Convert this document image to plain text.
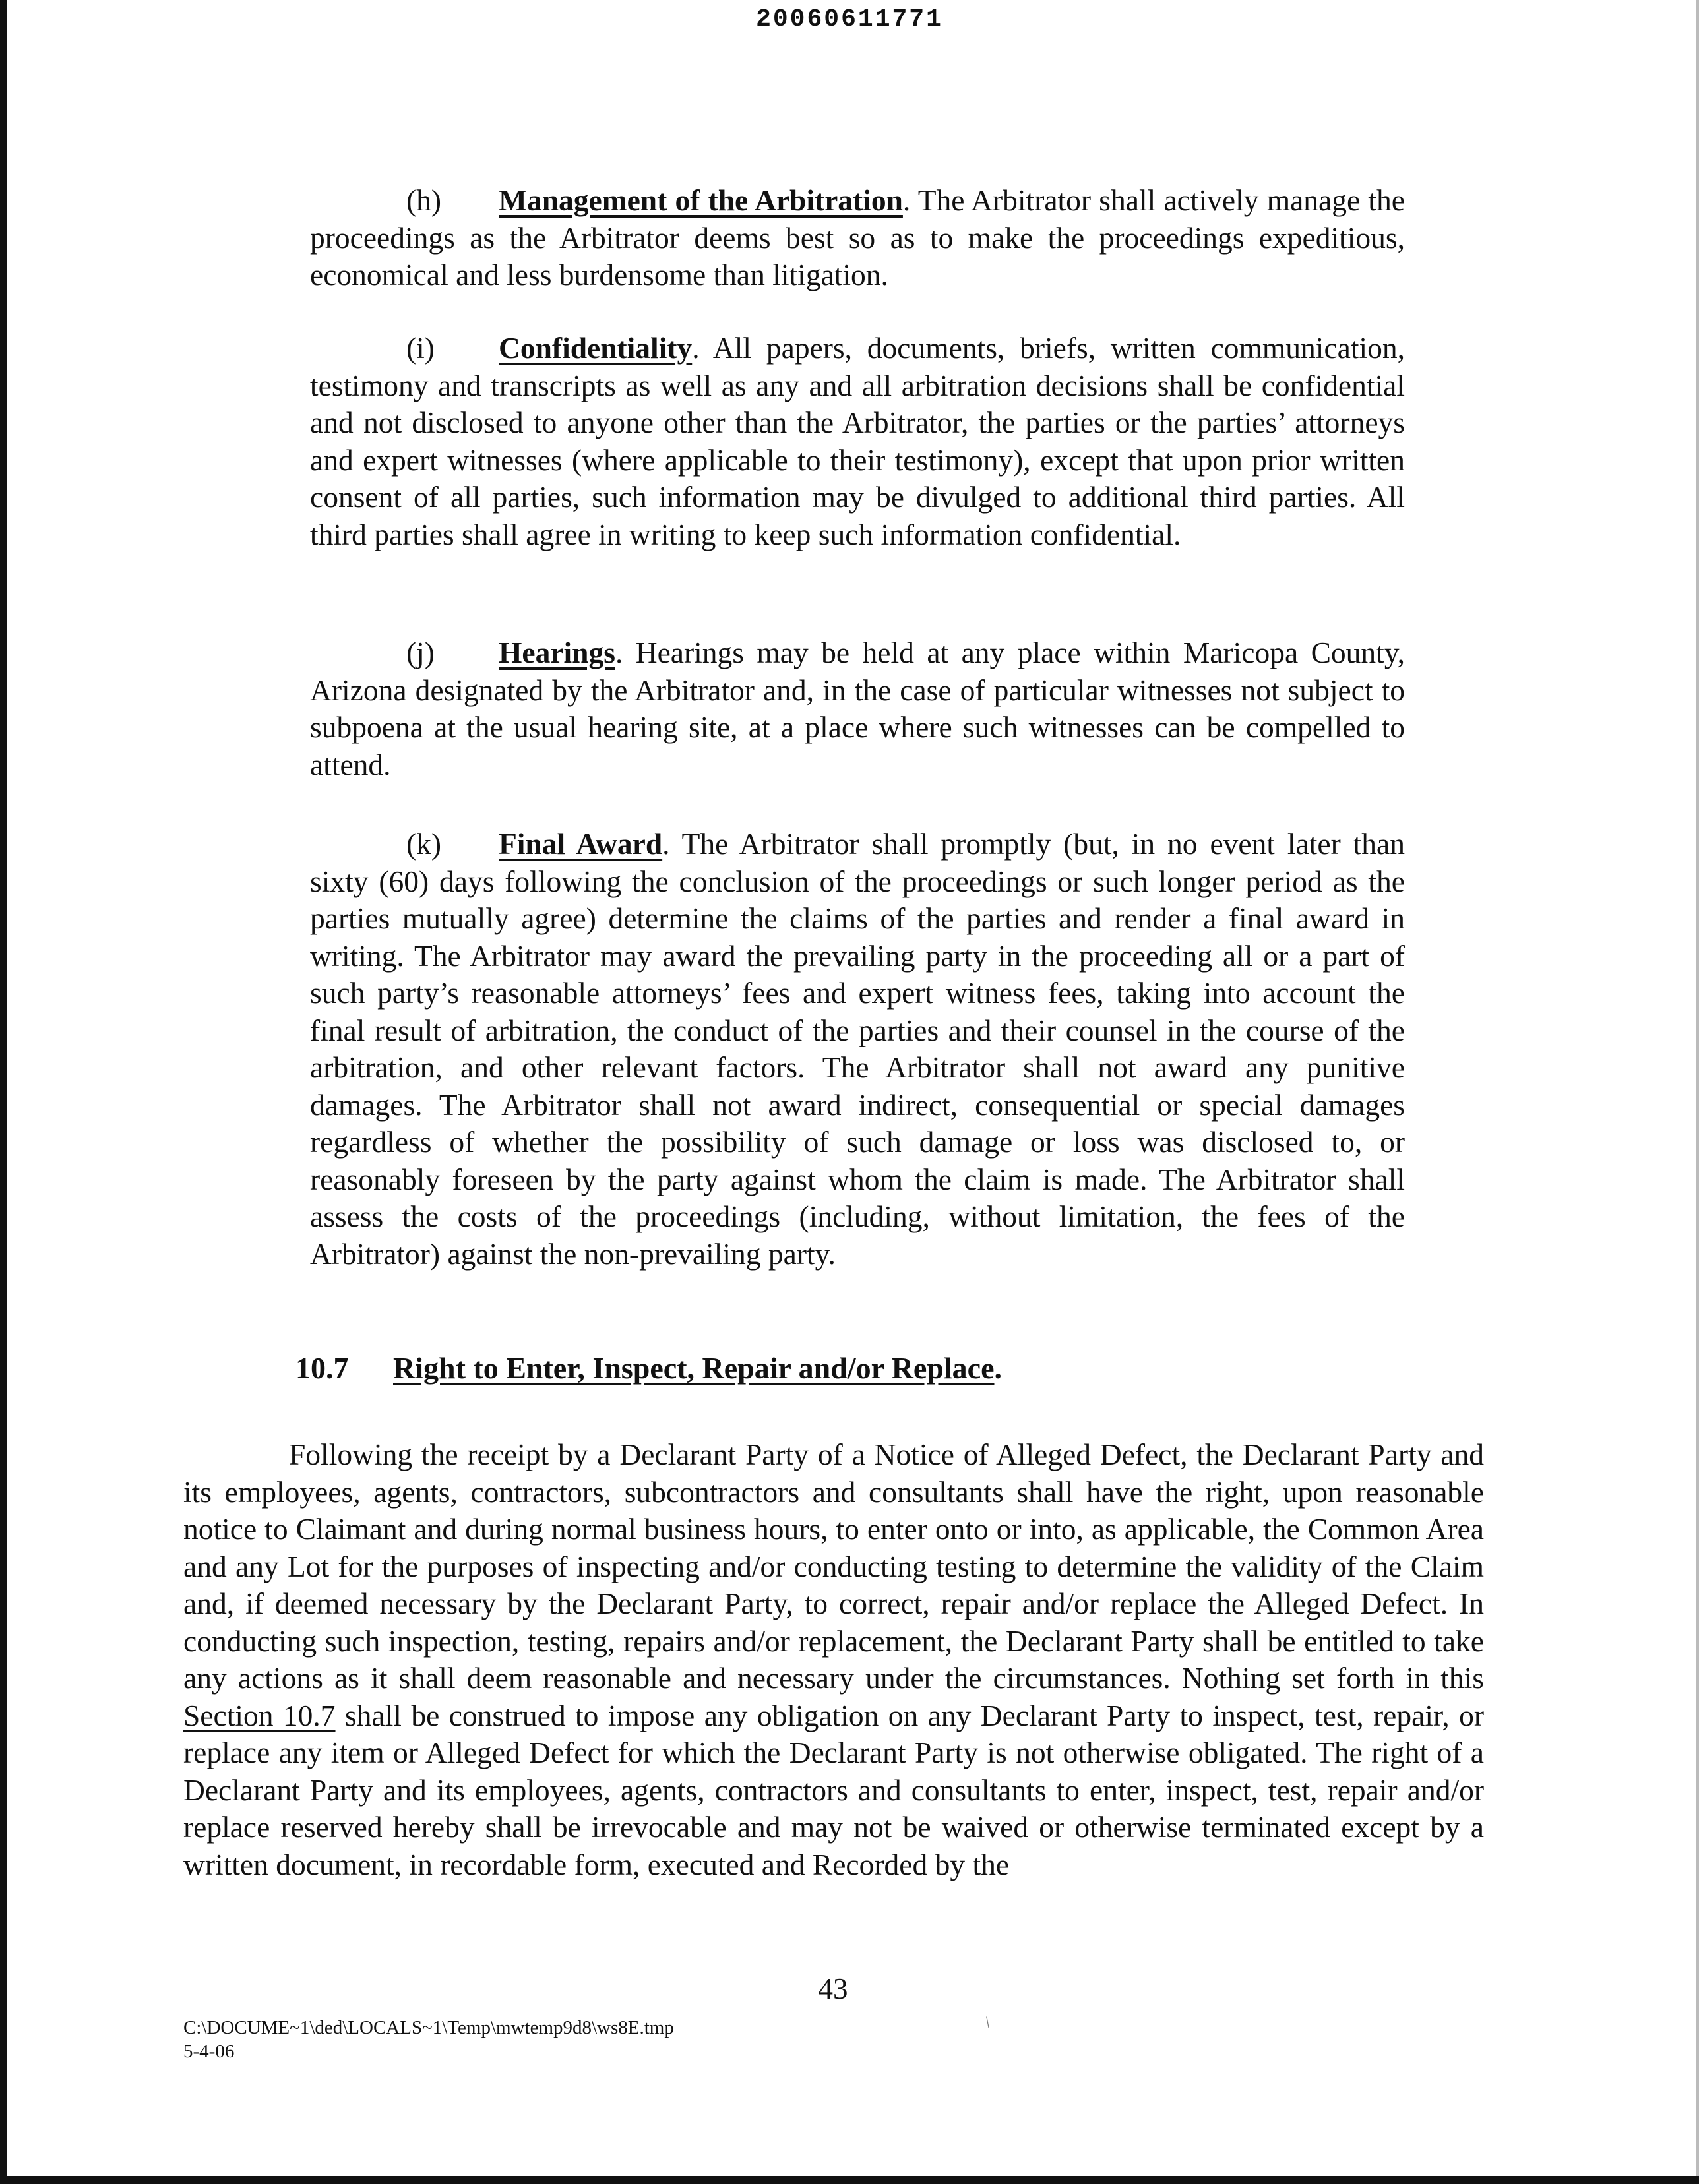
20060611771

(h) Management of the Arbitration. The Arbitrator shall actively manage the proceedings as the Arbitrator deems best so as to make the proceedings expeditious, economical and less burdensome than litigation.

(i) Confidentiality. All papers, documents, briefs, written communication, testimony and transcripts as well as any and all arbitration decisions shall be confidential and not disclosed to anyone other than the Arbitrator, the parties or the parties’ attorneys and expert witnesses (where applicable to their testimony), except that upon prior written consent of all parties, such information may be divulged to additional third parties. All third parties shall agree in writing to keep such information confidential.

(j) Hearings. Hearings may be held at any place within Maricopa County, Arizona designated by the Arbitrator and, in the case of particular witnesses not subject to subpoena at the usual hearing site, at a place where such witnesses can be compelled to attend.

(k) Final Award. The Arbitrator shall promptly (but, in no event later than sixty (60) days following the conclusion of the proceedings or such longer period as the parties mutually agree) determine the claims of the parties and render a final award in writing. The Arbitrator may award the prevailing party in the proceeding all or a part of such party’s reasonable attorneys’ fees and expert witness fees, taking into account the final result of arbitration, the conduct of the parties and their counsel in the course of the arbitration, and other relevant factors. The Arbitrator shall not award any punitive damages. The Arbitrator shall not award indirect, consequential or special damages regardless of whether the possibility of such damage or loss was disclosed to, or reasonably foreseen by the party against whom the claim is made. The Arbitrator shall assess the costs of the proceedings (including, without limitation, the fees of the Arbitrator) against the non-prevailing party.

10.7 Right to Enter, Inspect, Repair and/or Replace.

Following the receipt by a Declarant Party of a Notice of Alleged Defect, the Declarant Party and its employees, agents, contractors, subcontractors and consultants shall have the right, upon reasonable notice to Claimant and during normal business hours, to enter onto or into, as applicable, the Common Area and any Lot for the purposes of inspecting and/or conducting testing to determine the validity of the Claim and, if deemed necessary by the Declarant Party, to correct, repair and/or replace the Alleged Defect. In conducting such inspection, testing, repairs and/or replacement, the Declarant Party shall be entitled to take any actions as it shall deem reasonable and necessary under the circumstances. Nothing set forth in this Section 10.7 shall be construed to impose any obligation on any Declarant Party to inspect, test, repair, or replace any item or Alleged Defect for which the Declarant Party is not otherwise obligated. The right of a Declarant Party and its employees, agents, contractors and consultants to enter, inspect, test, repair and/or replace reserved hereby shall be irrevocable and may not be waived or otherwise terminated except by a written document, in recordable form, executed and Recorded by the

43
C:\DOCUME~1\ded\LOCALS~1\Temp\mwtemp9d8\ws8E.tmp
5-4-06
/
